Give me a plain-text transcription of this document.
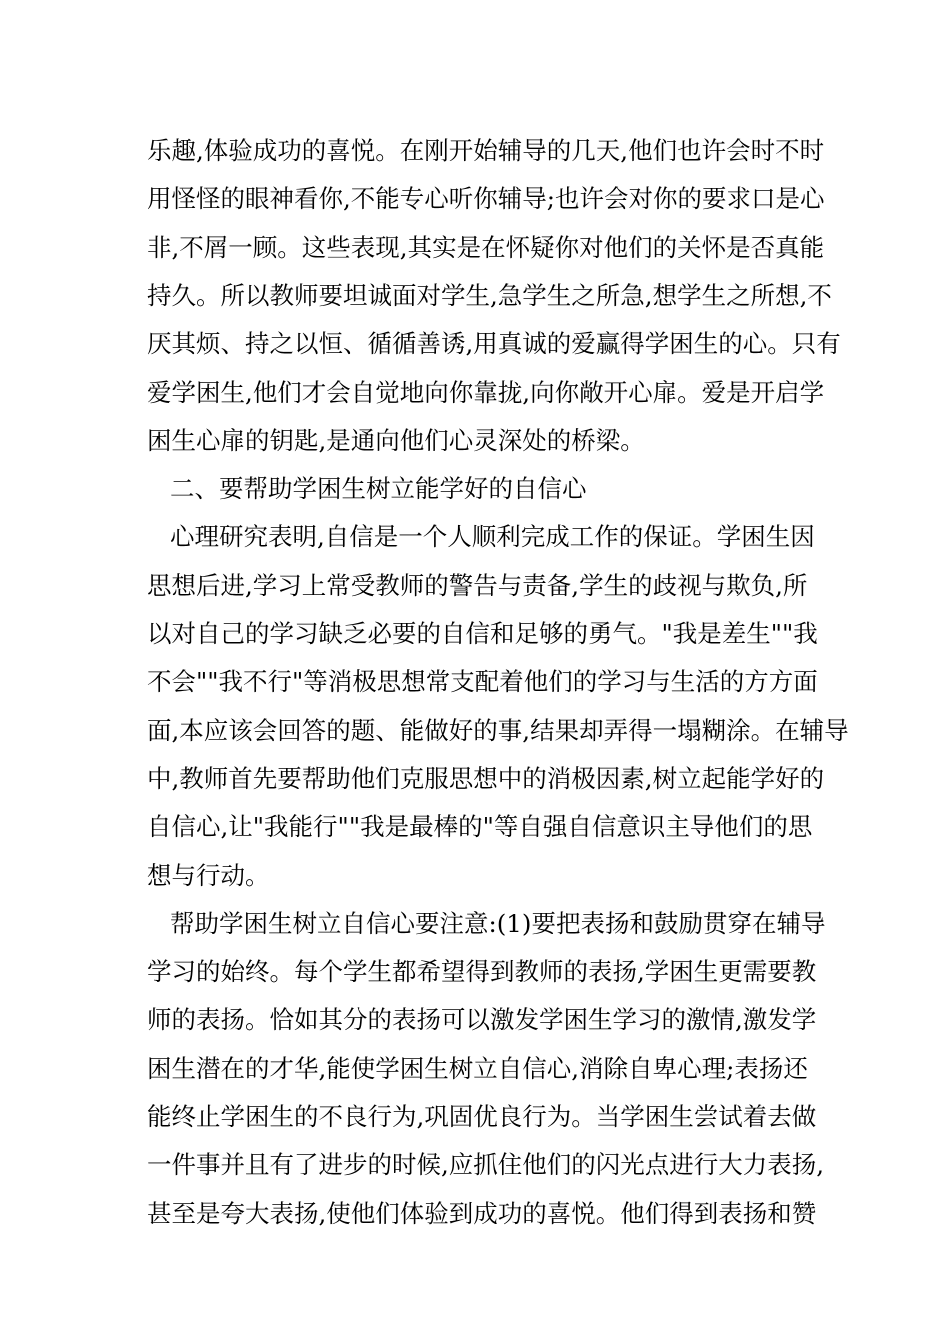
乐趣,体验成功的喜悦。在刚开始辅导的几天,他们也许会时不时
用怪怪的眼神看你,不能专心听你辅导;也许会对你的要求口是心
非,不屑一顾。这些表现,其实是在怀疑你对他们的关怀是否真能
持久。所以教师要坦诚面对学生,急学生之所急,想学生之所想,不
厌其烦、持之以恒、循循善诱,用真诚的爱赢得学困生的心。只有
爱学困生,他们才会自觉地向你靠拢,向你敞开心扉。爱是开启学
困生心扉的钥匙,是通向他们心灵深处的桥梁。
二、要帮助学困生树立能学好的自信心
心理研究表明,自信是一个人顺利完成工作的保证。学困生因
思想后进,学习上常受教师的警告与责备,学生的歧视与欺负,所
以对自己的学习缺乏必要的自信和足够的勇气。"我是差生""我
不会""我不行"等消极思想常支配着他们的学习与生活的方方面
面,本应该会回答的题、能做好的事,结果却弄得一塌糊涂。在辅导
中,教师首先要帮助他们克服思想中的消极因素,树立起能学好的
自信心,让"我能行""我是最棒的"等自强自信意识主导他们的思
想与行动。
帮助学困生树立自信心要注意:(1)要把表扬和鼓励贯穿在辅导
学习的始终。每个学生都希望得到教师的表扬,学困生更需要教
师的表扬。恰如其分的表扬可以激发学困生学习的激情,激发学
困生潜在的才华,能使学困生树立自信心,消除自卑心理;表扬还
能终止学困生的不良行为,巩固优良行为。当学困生尝试着去做
一件事并且有了进步的时候,应抓住他们的闪光点进行大力表扬,
甚至是夸大表扬,使他们体验到成功的喜悦。他们得到表扬和赞
